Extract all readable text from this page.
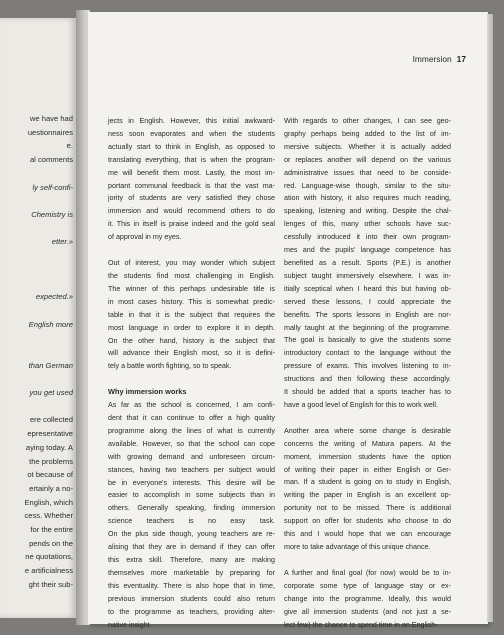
we have had
uestionnaires
e.
al comments
ly self-confi-
Chemistry is
etter.»
expected.»
English more
than German
you get used
ere collected
epresentative
aying today. A
the problems
ot because of
ertainly a no-
English, which
cess. Whether
for the entire
pends on the
ne quotations,
e artificialness
ght their sub-
Immersion 17

jects in English. However, this initial awkward-
ness soon evaporates and when the students
actually start to think in English, as opposed to
translating everything, that is when the program-
me will benefit them most. Lastly, the most im-
portant communal feedback is that the vast ma-
jority of students are very satisfied they chose
immersion and would recommend others to do
it. This in itself is praise indeed and the gold seal
of approval in my eyes.

Out of interest, you may wonder which subject
the students find most challenging in English.
The winner of this perhaps undesirable title is
in most cases history. This is somewhat predic-
table in that it is the subject that requires the
most language in order to explore it in depth.
On the other hand, history is the subject that
will advance their English most, so it is defini-
tely a battle worth fighting, so to speak.

Why immersion works

As far as the school is concerned, I am confi-
dent that it can continue to offer a high quality
programme along the lines of what is currently
available. However, so that the school can cope
with growing demand and unforeseen circum-
stances, having two teachers per subject would
be in everyone's interests. This desire will be
easier to accomplish in some subjects than in
others. Generally speaking, finding immersion
science teachers is no easy task.
On the plus side though, young teachers are re-
alising that they are in demand if they can offer
this extra skill. Therefore, many are making
themselves more marketable by preparing for
this eventuality. There is also hope that in time,
previous immersion students could also return
to the programme as teachers, providing alter-
native insight.

With regards to other changes, I can see geo-
graphy perhaps being added to the list of im-
mersive subjects. Whether it is actually added
or replaces another will depend on the various
administrative issues that need to be conside-
red. Language-wise though, similar to the situ-
ation with history, it also requires much reading,
speaking, listening and writing. Despite the chal-
lenges of this, many other schools have suc-
cessfully introduced it into their own program-
mes and the pupils' language competence has
benefited as a result. Sports (P.E.) is another
subject taught immersively elsewhere. I was in-
itially sceptical when I heard this but having ob-
served these lessons, I could appreciate the
benefits. The sports lessons in English are nor-
mally taught at the beginning of the programme.
The goal is basically to give the students some
introductory contact to the language without the
pressure of exams. This involves listening to in-
structions and then following these accordingly.
It should be added that a sports teacher has to
have a good level of English for this to work well.

Another area where some change is desirable
concerns the writing of Matura papers. At the
moment, immersion students have the option
of writing their paper in either English or Ger-
man. If a student is going on to study in English,
writing the paper in English is an excellent op-
portunity not to be missed. There is additional
support on offer for students who choose to do
this and I would hope that we can encourage
more to take advantage of this unique chance.

A further and final goal (for now) would be to in-
corporate some type of language stay or ex-
change into the programme. Ideally, this would
give all immersion students (and not just a se-
lect few) the chance to spend time in an English-
